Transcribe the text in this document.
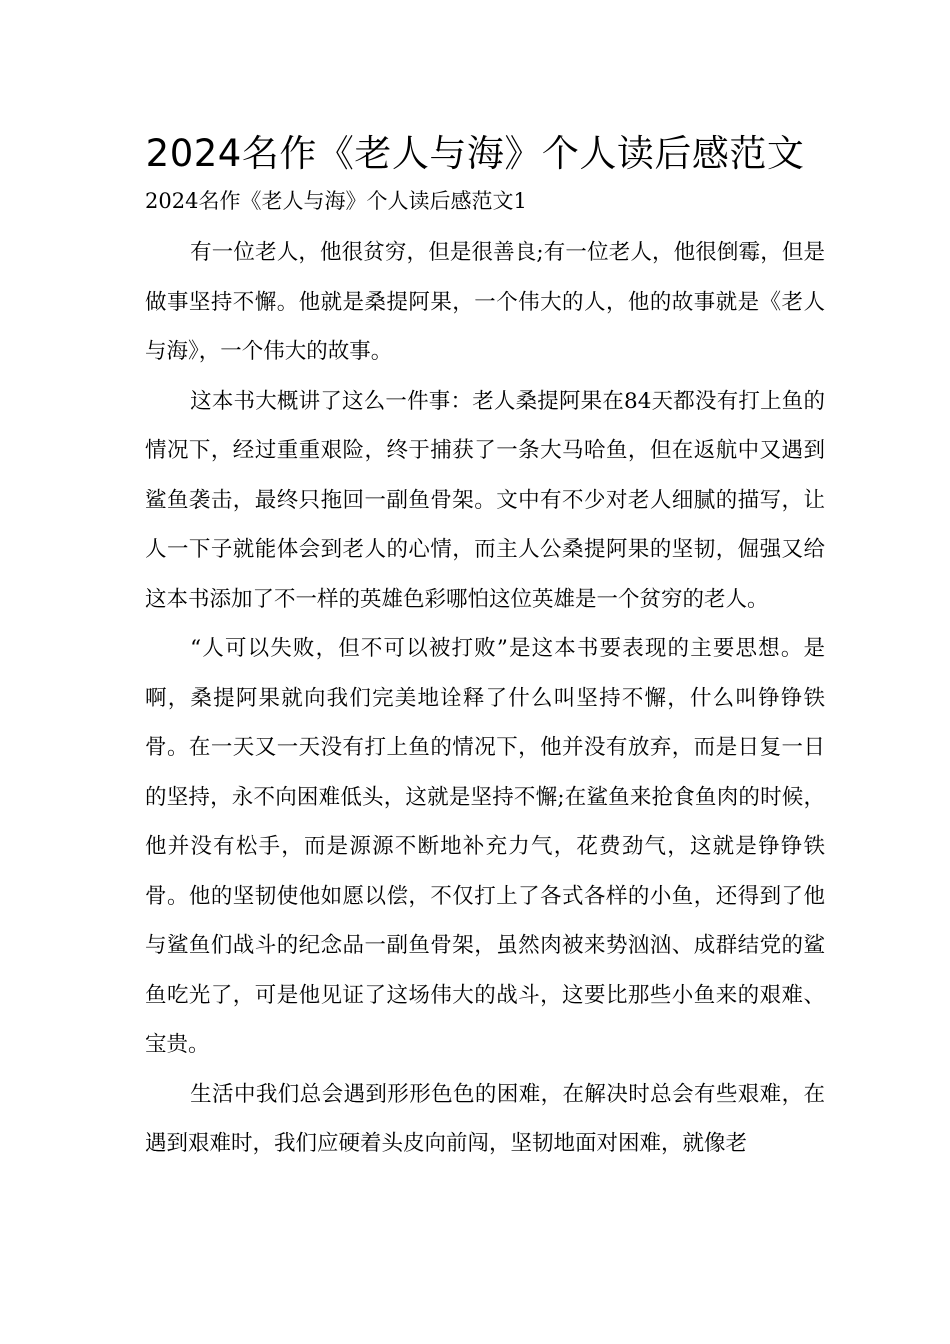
2024名作《老人与海》个人读后感范文

2024名作《老人与海》个人读后感范文1

有一位老人，他很贫穷，但是很善良;有一位老人，他很倒霉，但是做事坚持不懈。他就是桑提阿果，一个伟大的人，他的故事就是《老人与海》，一个伟大的故事。

这本书大概讲了这么一件事：老人桑提阿果在84天都没有打上鱼的情况下，经过重重艰险，终于捕获了一条大马哈鱼，但在返航中又遇到鲨鱼袭击，最终只拖回一副鱼骨架。文中有不少对老人细腻的描写，让人一下子就能体会到老人的心情，而主人公桑提阿果的坚韧，倔强又给这本书添加了不一样的英雄色彩哪怕这位英雄是一个贫穷的老人。

“人可以失败，但不可以被打败”是这本书要表现的主要思想。是啊，桑提阿果就向我们完美地诠释了什么叫坚持不懈，什么叫铮铮铁骨。在一天又一天没有打上鱼的情况下，他并没有放弃，而是日复一日的坚持，永不向困难低头，这就是坚持不懈;在鲨鱼来抢食鱼肉的时候，他并没有松手，而是源源不断地补充力气，花费劲气，这就是铮铮铁骨。他的坚韧使他如愿以偿，不仅打上了各式各样的小鱼，还得到了他与鲨鱼们战斗的纪念品一副鱼骨架，虽然肉被来势汹汹、成群结党的鲨鱼吃光了，可是他见证了这场伟大的战斗，这要比那些小鱼来的艰难、宝贵。

生活中我们总会遇到形形色色的困难，在解决时总会有些艰难，在遇到艰难时，我们应硬着头皮向前闯，坚韧地面对困难，就像老
